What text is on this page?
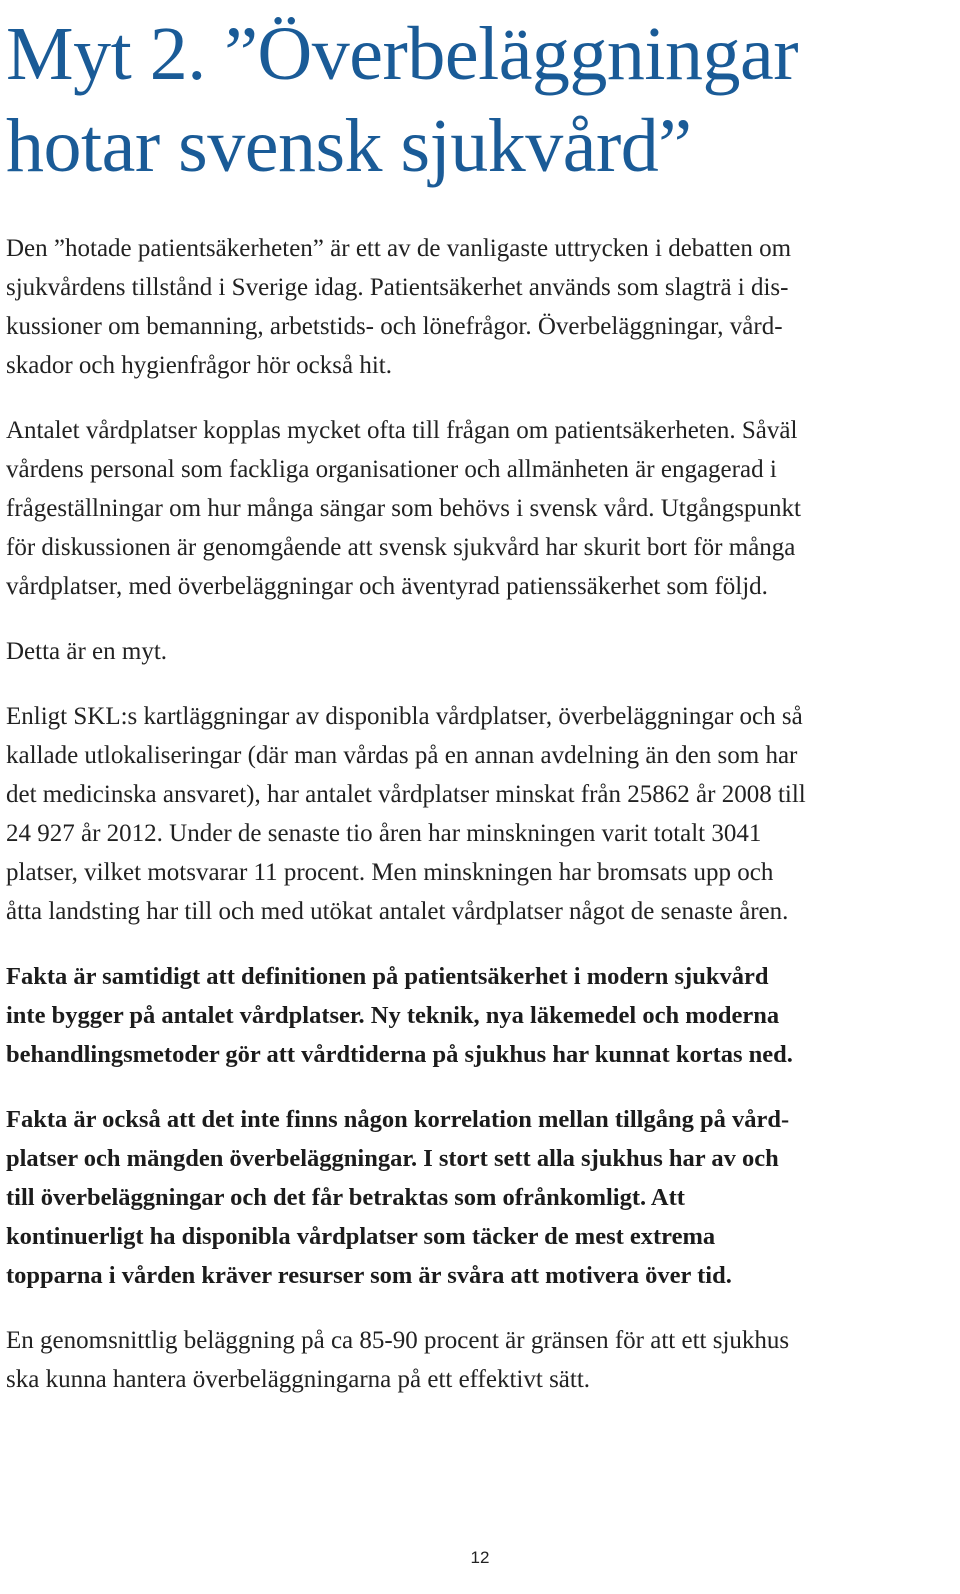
Myt 2. ”Överbeläggningar
hotar svensk sjukvård”

Den ”hotade patientsäkerheten” är ett av de vanligaste uttrycken i debatten om
sjukvårdens tillstånd i Sverige idag. Patientsäkerhet används som slagträ i dis-
kussioner om bemanning, arbetstids- och lönefrågor. Överbeläggningar, vård-
skador och hygienfrågor hör också hit.

Antalet vårdplatser kopplas mycket ofta till frågan om patientsäkerheten. Såväl
vårdens personal som fackliga organisationer och allmänheten är engagerad i
frågeställningar om hur många sängar som behövs i svensk vård. Utgångspunkt
för diskussionen är genomgående att svensk sjukvård har skurit bort för många
vårdplatser, med överbeläggningar och äventyrad patienssäkerhet som följd.

Detta är en myt.

Enligt SKL:s kartläggningar av disponibla vårdplatser, överbeläggningar och så
kallade utlokaliseringar (där man vårdas på en annan avdelning än den som har
det medicinska ansvaret), har antalet vårdplatser minskat från 25862 år 2008 till
24 927 år 2012. Under de senaste tio åren har minskningen varit totalt 3041
platser, vilket motsvarar 11 procent. Men minskningen har bromsats upp och
åtta landsting har till och med utökat antalet vårdplatser något de senaste åren.

Fakta är samtidigt att definitionen på patientsäkerhet i modern sjukvård
inte bygger på antalet vårdplatser. Ny teknik, nya läkemedel och moderna
behandlingsmetoder gör att vårdtiderna på sjukhus har kunnat kortas ned.

Fakta är också att det inte finns någon korrelation mellan tillgång på vård-
platser och mängden överbeläggningar. I stort sett alla sjukhus har av och
till överbeläggningar och det får betraktas som ofrånkomligt. Att
kontinuerligt ha disponibla vårdplatser som täcker de mest extrema
topparna i vården kräver resurser som är svåra att motivera över tid.

En genomsnittlig beläggning på ca 85-90 procent är gränsen för att ett sjukhus
ska kunna hantera överbeläggningarna på ett effektivt sätt.

12
